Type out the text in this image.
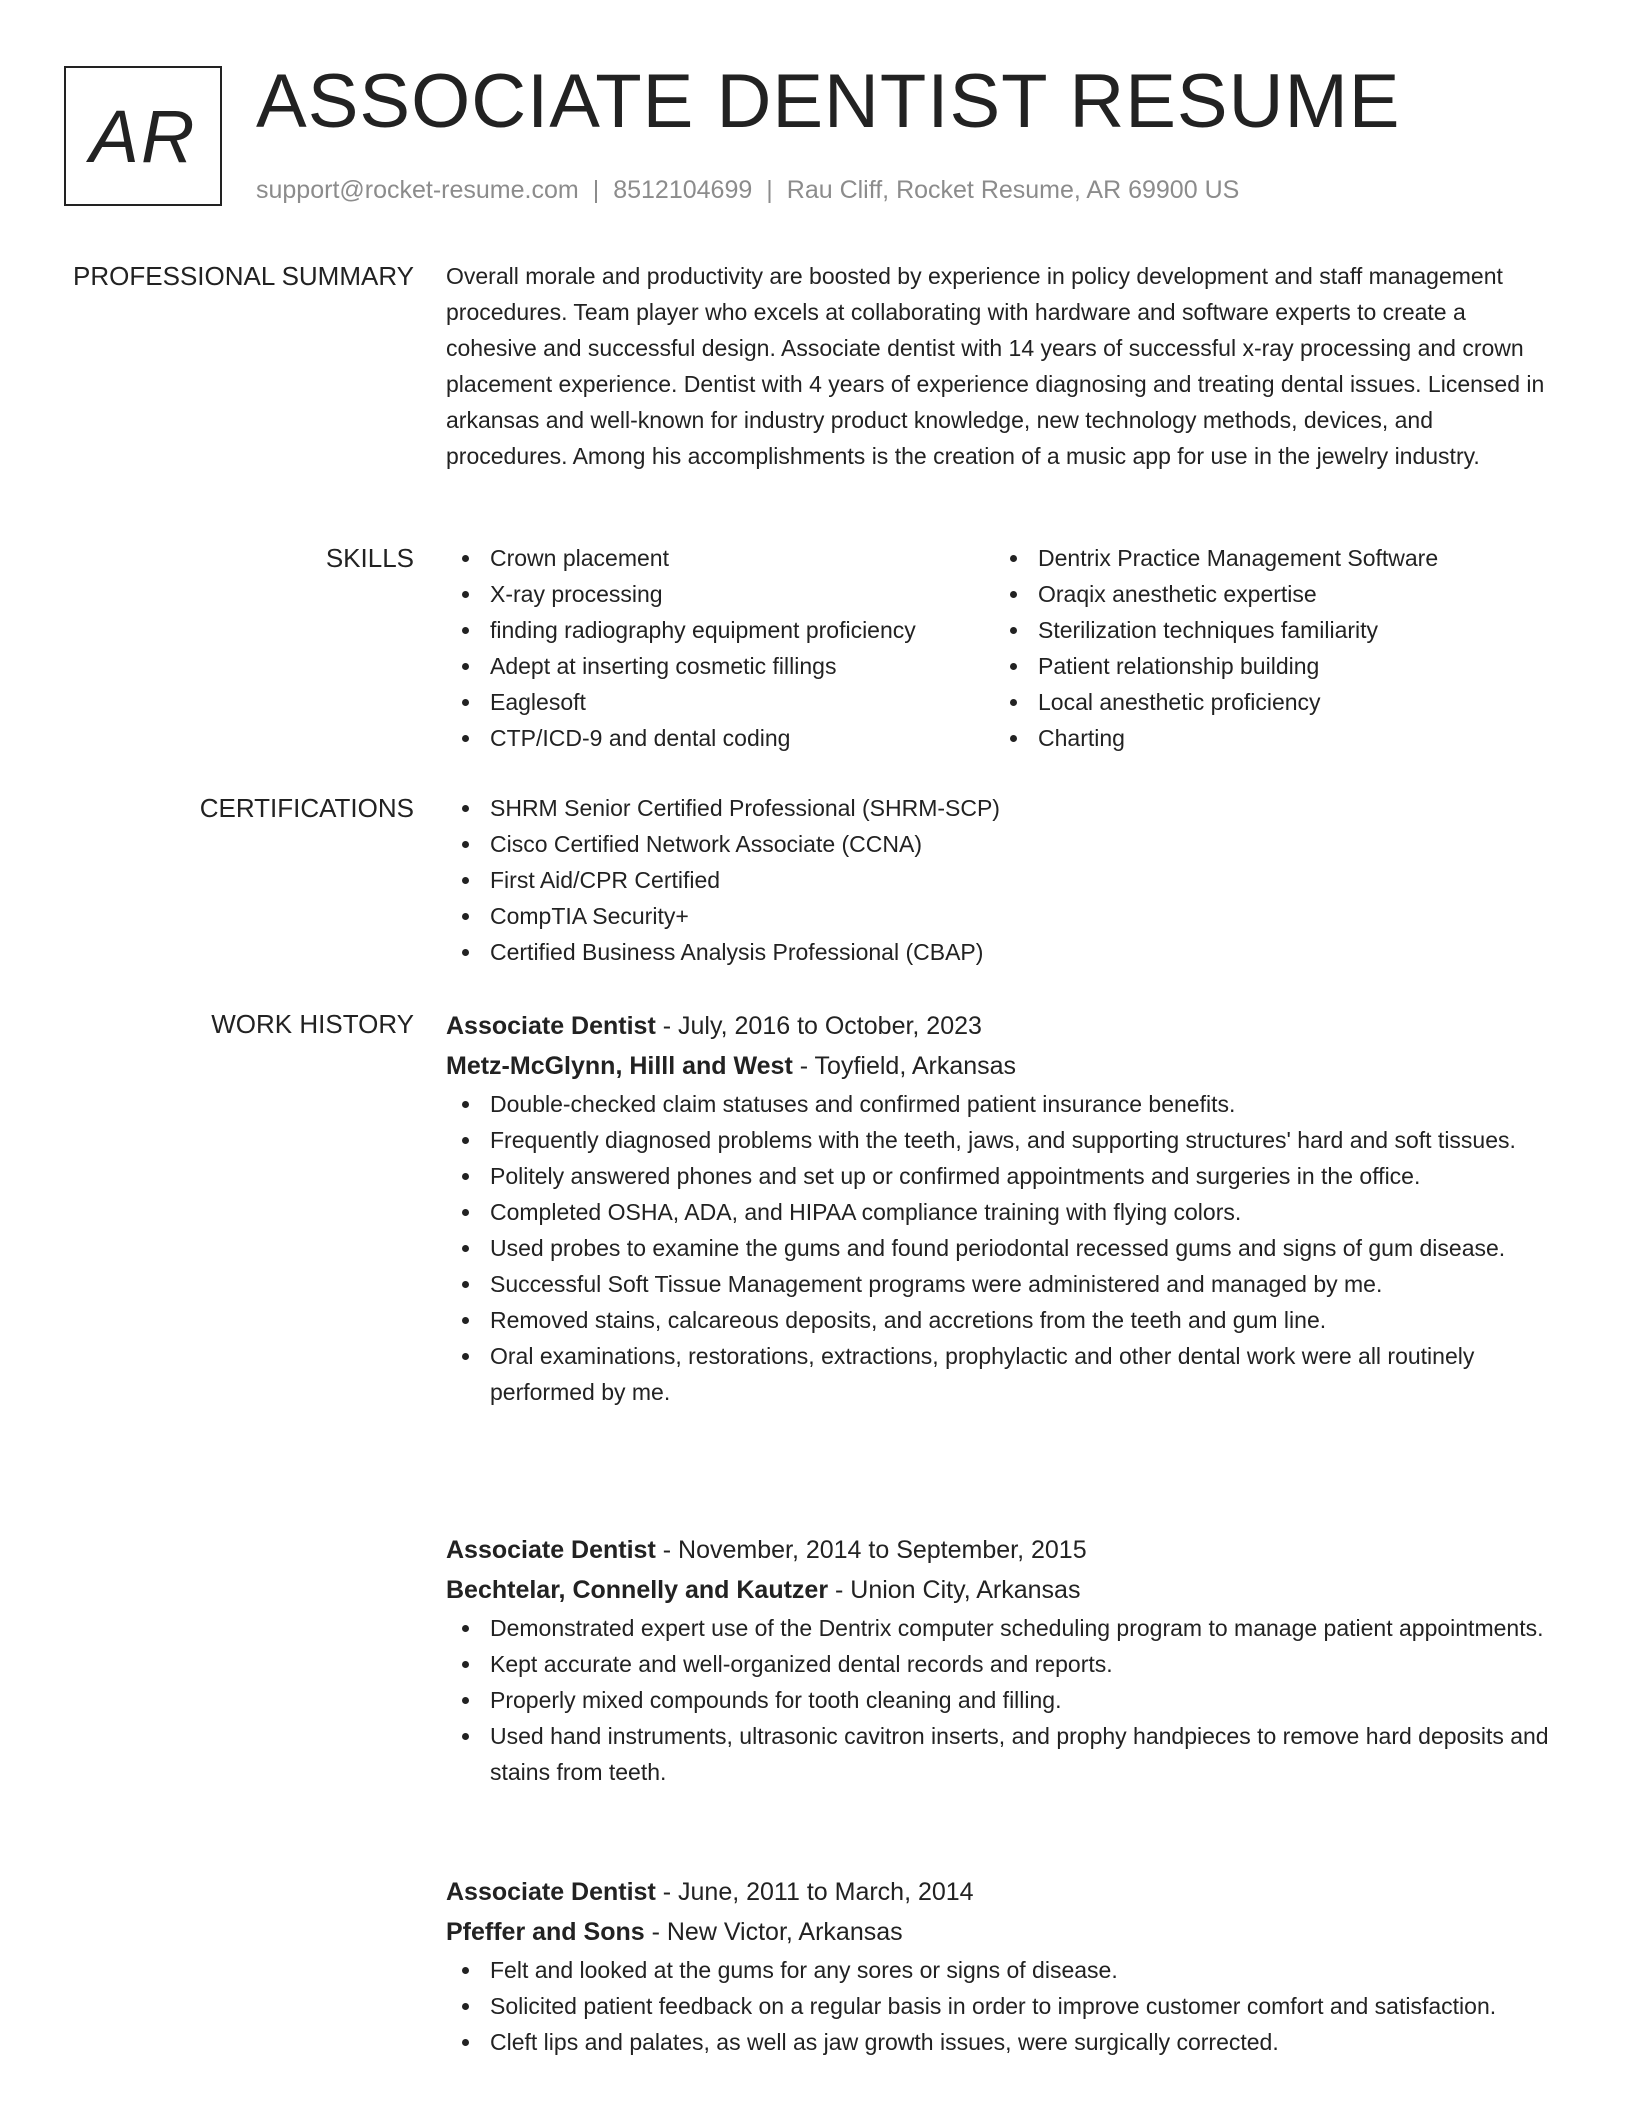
AR ASSOCIATE DENTIST RESUME
support@rocket-resume.com | 8512104699 | Rau Cliff, Rocket Resume, AR 69900 US
PROFESSIONAL SUMMARY Overall morale and productivity are boosted by experience in policy development and staff management procedures. Team player who excels at collaborating with hardware and software experts to create a cohesive and successful design. Associate dentist with 14 years of successful x-ray processing and crown placement experience. Dentist with 4 years of experience diagnosing and treating dental issues. Licensed in arkansas and well-known for industry product knowledge, new technology methods, devices, and procedures. Among his accomplishments is the creation of a music app for use in the jewelry industry.

SKILLS	Crown placement
X-ray processing
finding radiography equipment proficiency
Adept at inserting cosmetic fillings
Eaglesoft
CTP/ICD-9 and dental coding
Dentrix Practice Management Software
Oraqix anesthetic expertise
Sterilization techniques familiarity
Patient relationship building
Local anesthetic proficiency
Charting
CERTIFICATIONS	SHRM Senior Certified Professional (SHRM-SCP)
Cisco Certified Network Associate (CCNA)
First Aid/CPR Certified
CompTIA Security+
Certified Business Analysis Professional (CBAP)
WORK HISTORY Associate Dentist - July, 2016 to October, 2023
Metz-McGlynn, Hilll and West - Toyfield, Arkansas
Double-checked claim statuses and confirmed patient insurance benefits.
Frequently diagnosed problems with the teeth, jaws, and supporting structures' hard and soft tissues.
Politely answered phones and set up or confirmed appointments and surgeries in the office.
Completed OSHA, ADA, and HIPAA compliance training with flying colors.
Used probes to examine the gums and found periodontal recessed gums and signs of gum disease.
Successful Soft Tissue Management programs were administered and managed by me.
Removed stains, calcareous deposits, and accretions from the teeth and gum line.
Oral examinations, restorations, extractions, prophylactic and other dental work were all routinely performed by me.
Associate Dentist - November, 2014 to September, 2015
Bechtelar, Connelly and Kautzer - Union City, Arkansas
Demonstrated expert use of the Dentrix computer scheduling program to manage patient appointments.
Kept accurate and well-organized dental records and reports.
Properly mixed compounds for tooth cleaning and filling.
Used hand instruments, ultrasonic cavitron inserts, and prophy handpieces to remove hard deposits and stains from teeth.
Associate Dentist - June, 2011 to March, 2014
Pfeffer and Sons - New Victor, Arkansas
Felt and looked at the gums for any sores or signs of disease.
Solicited patient feedback on a regular basis in order to improve customer comfort and satisfaction.
Cleft lips and palates, as well as jaw growth issues, were surgically corrected.
